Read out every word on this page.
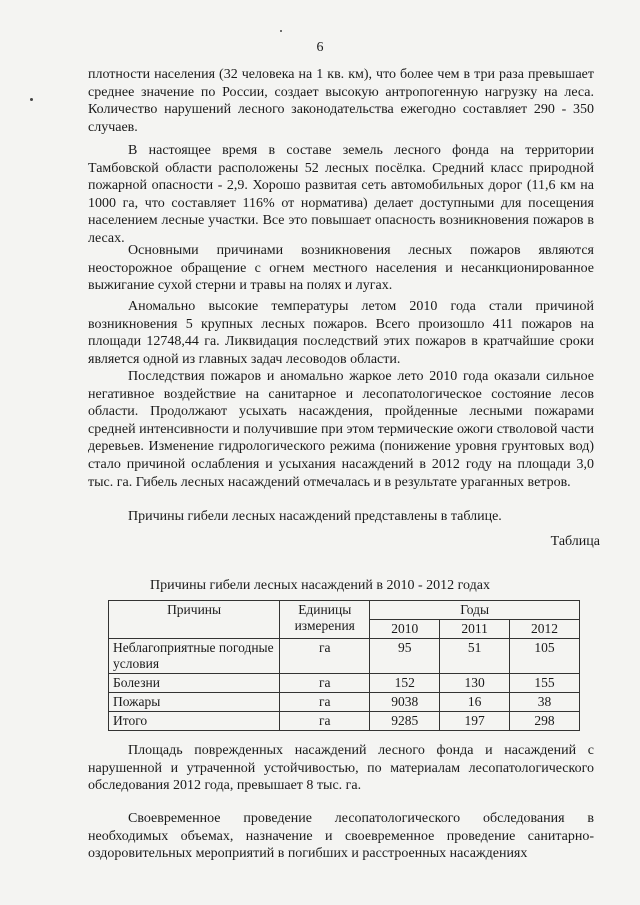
6

плотности населения (32 человека на 1 кв. км), что более чем в три раза превышает среднее значение по России, создает высокую антропогенную нагрузку на леса. Количество нарушений лесного законодательства ежегодно составляет 290 - 350 случаев.

В настоящее время в составе земель лесного фонда на территории Тамбовской области расположены 52 лесных посёлка. Средний класс природной пожарной опасности - 2,9. Хорошо развитая сеть автомобильных дорог (11,6 км на 1000 га, что составляет 116% от норматива) делает доступными для посещения населением лесные участки. Все это повышает опасность возникновения пожаров в лесах.

Основными причинами возникновения лесных пожаров являются неосторожное обращение с огнем местного населения и несанкционированное выжигание сухой стерни и травы на полях и лугах.

Аномально высокие температуры летом 2010 года стали причиной возникновения 5 крупных лесных пожаров. Всего произошло 411 пожаров на площади 12748,44 га. Ликвидация последствий этих пожаров в кратчайшие сроки является одной из главных задач лесоводов области.

Последствия пожаров и аномально жаркое лето 2010 года оказали сильное негативное воздействие на санитарное и лесопатологическое состояние лесов области. Продолжают усыхать насаждения, пройденные лесными пожарами средней интенсивности и получившие при этом термические ожоги стволовой части деревьев. Изменение гидрологического режима (понижение уровня грунтовых вод) стало причиной ослабления и усыхания насаждений в 2012 году на площади 3,0 тыс. га. Гибель лесных насаждений отмечалась и в результате ураганных ветров.

Причины гибели лесных насаждений представлены в таблице.

Таблица
Причины гибели лесных насаждений в 2010 - 2012 годах
Причины	Единицы измерения	Годы		
		2010	2011	2012
Неблагоприятные погодные условия	га	95	51	105
Болезни	га	152	130	155
Пожары	га	9038	16	38
Итого	га	9285	197	298

Площадь поврежденных насаждений лесного фонда и насаждений с нарушенной и утраченной устойчивостью, по материалам лесопатологического обследования 2012 года, превышает 8 тыс. га.

Своевременное проведение лесопатологического обследования в необходимых объемах, назначение и своевременное проведение санитарно-оздоровительных мероприятий в погибших и расстроенных насаждениях
